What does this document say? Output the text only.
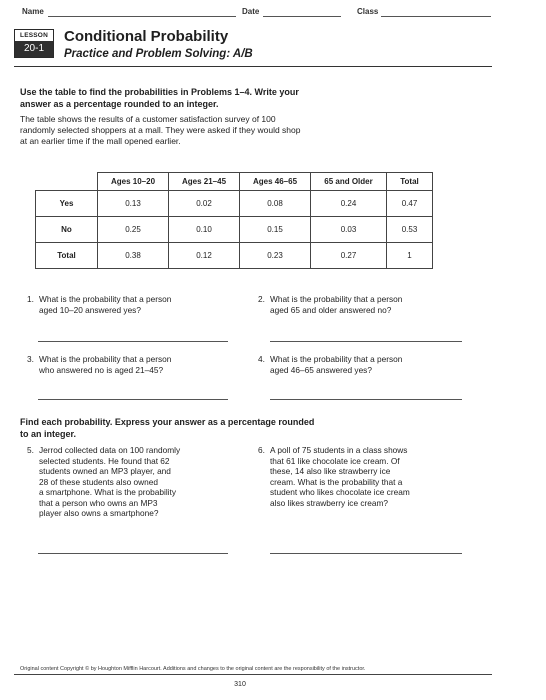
Name	Date	Class
LESSON
20-1
Conditional Probability
Practice and Problem Solving: A/B
Use the table to find the probabilities in Problems 1–4. Write your
answer as a percentage rounded to an integer.
The table shows the results of a customer satisfaction survey of 100
randomly selected shoppers at a mall. They were asked if they would shop
at an earlier time if the mall opened earlier.
	Ages 10–20	Ages 21–45	Ages 46–65	65 and Older	Total
Yes	0.13	0.02	0.08	0.24	0.47
No	0.25	0.10	0.15	0.03	0.53
Total	0.38	0.12	0.23	0.27	1
1. What is the probability that a person
aged 10–20 answered yes?
2. What is the probability that a person
aged 65 and older answered no?
3. What is the probability that a person
who answered no is aged 21–45?
4. What is the probability that a person
aged 46–65 answered yes?
Find each probability. Express your answer as a percentage rounded
to an integer.
5. Jerrod collected data on 100 randomly
selected students. He found that 62
students owned an MP3 player, and
28 of these students also owned
a smartphone. What is the probability
that a person who owns an MP3
player also owns a smartphone?
6. A poll of 75 students in a class shows
that 61 like chocolate ice cream. Of
these, 14 also like strawberry ice
cream. What is the probability that a
student who likes chocolate ice cream
also likes strawberry ice cream?
Original content Copyright © by Houghton Mifflin Harcourt. Additions and changes to the original content are the responsibility of the instructor.
310
